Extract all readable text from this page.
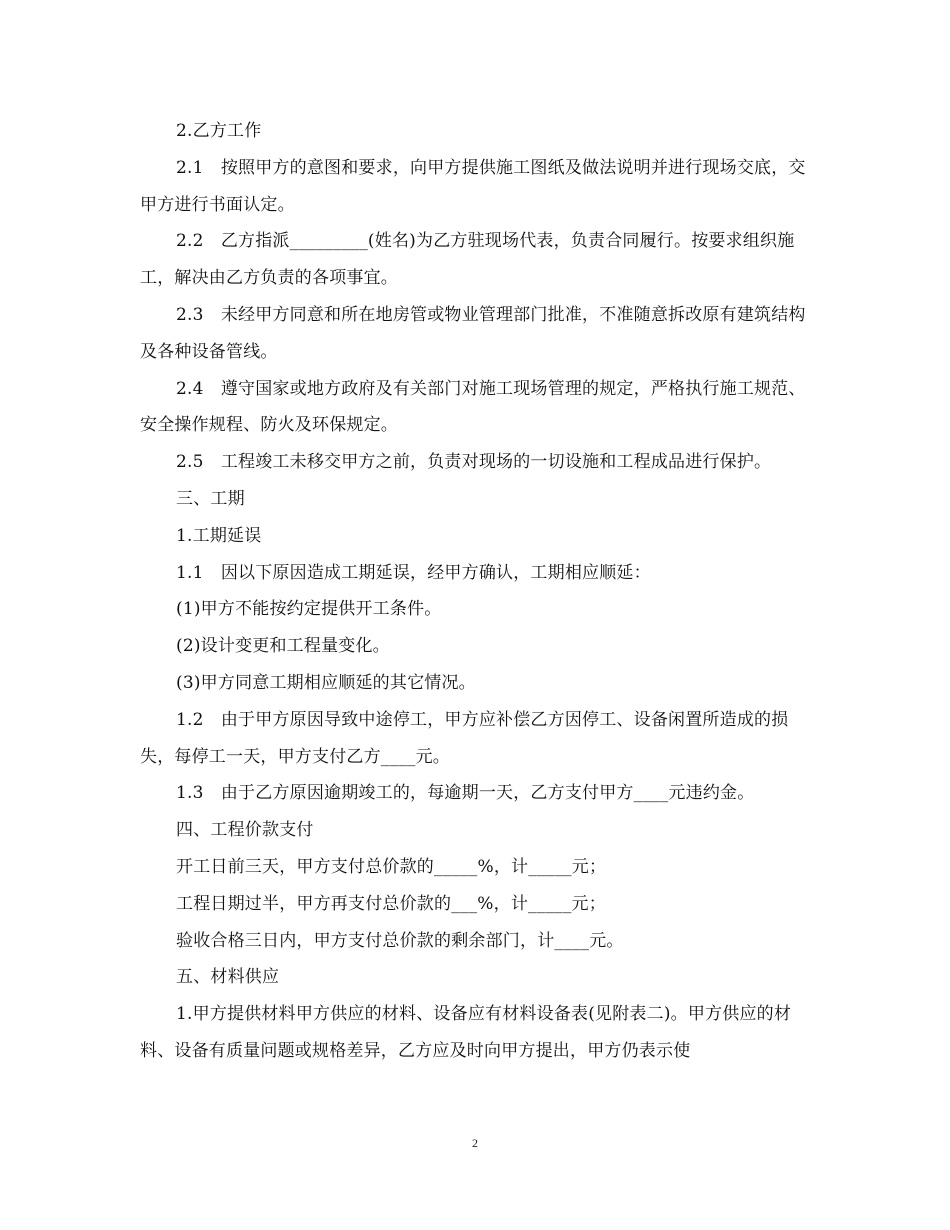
2.乙方工作

2.1　按照甲方的意图和要求，向甲方提供施工图纸及做法说明并进行现场交底，交甲方进行书面认定。

2.2　乙方指派_________(姓名)为乙方驻现场代表，负责合同履行。按要求组织施工，解决由乙方负责的各项事宜。

2.3　未经甲方同意和所在地房管或物业管理部门批准，不准随意拆改原有建筑结构及各种设备管线。

2.4　遵守国家或地方政府及有关部门对施工现场管理的规定，严格执行施工规范、安全操作规程、防火及环保规定。

2.5　工程竣工未移交甲方之前，负责对现场的一切设施和工程成品进行保护。

三、工期

1.工期延误

1.1　因以下原因造成工期延误，经甲方确认，工期相应顺延：

(1)甲方不能按约定提供开工条件。

(2)设计变更和工程量变化。

(3)甲方同意工期相应顺延的其它情况。

1.2　由于甲方原因导致中途停工，甲方应补偿乙方因停工、设备闲置所造成的损失，每停工一天，甲方支付乙方____元。

1.3　由于乙方原因逾期竣工的，每逾期一天，乙方支付甲方____元违约金。

四、工程价款支付

开工日前三天，甲方支付总价款的_____%，计_____元；

工程日期过半，甲方再支付总价款的___%，计_____元；

验收合格三日内，甲方支付总价款的剩余部门，计____元。

五、材料供应

1.甲方提供材料甲方供应的材料、设备应有材料设备表(见附表二)。甲方供应的材料、设备有质量问题或规格差异，乙方应及时向甲方提出，甲方仍表示使

2
